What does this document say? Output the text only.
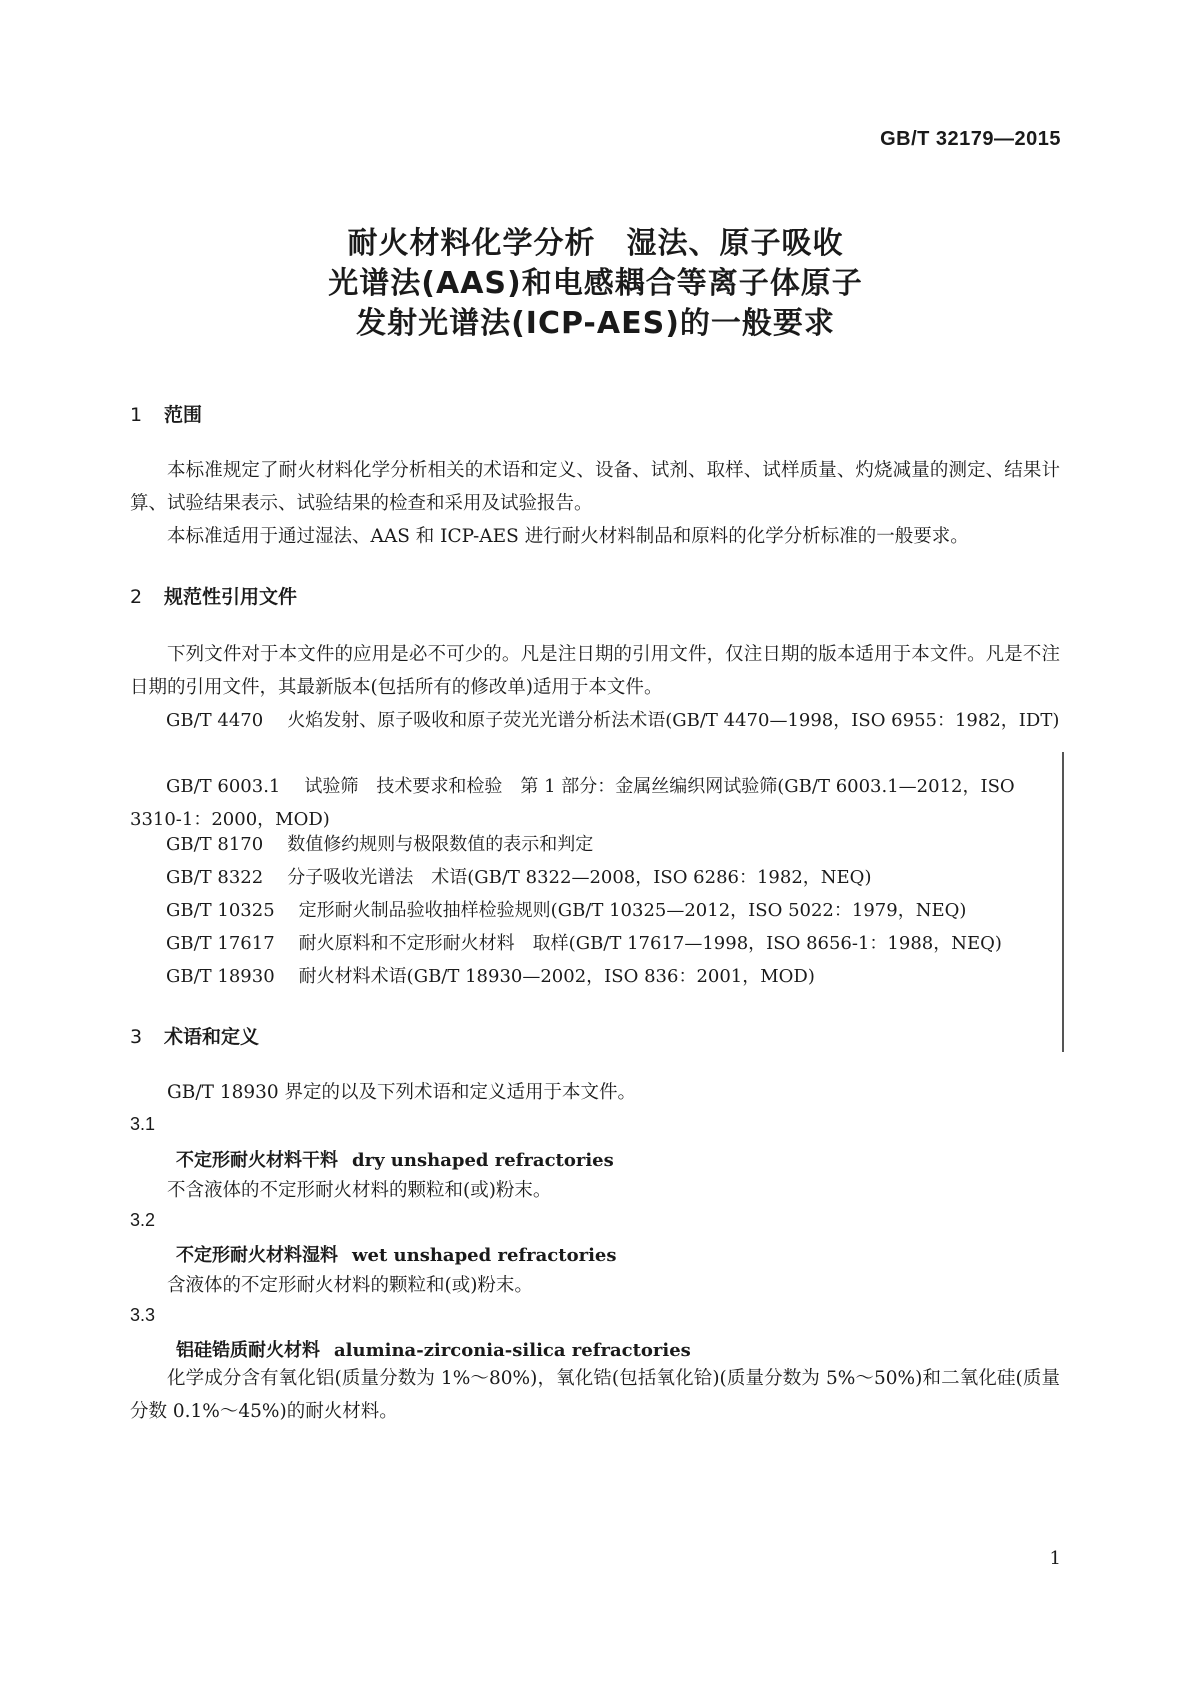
GB/T 32179—2015
耐火材料化学分析　湿法、原子吸收
光谱法(AAS)和电感耦合等离子体原子
发射光谱法(ICP-AES)的一般要求
1 范围

本标准规定了耐火材料化学分析相关的术语和定义、设备、试剂、取样、试样质量、灼烧减量的测定、结果计算、试验结果表示、试验结果的检查和采用及试验报告。

本标准适用于通过湿法、AAS 和 ICP-AES 进行耐火材料制品和原料的化学分析标准的一般要求。

2 规范性引用文件

下列文件对于本文件的应用是必不可少的。凡是注日期的引用文件，仅注日期的版本适用于本文件。凡是不注日期的引用文件，其最新版本(包括所有的修改单)适用于本文件。

GB/T 4470 火焰发射、原子吸收和原子荧光光谱分析法术语(GB/T 4470—1998，ISO 6955：1982，IDT)

GB/T 6003.1 试验筛　技术要求和检验　第 1 部分：金属丝编织网试验筛(GB/T 6003.1—2012，ISO 3310-1：2000，MOD)

GB/T 8170 数值修约规则与极限数值的表示和判定

GB/T 8322 分子吸收光谱法　术语(GB/T 8322—2008，ISO 6286：1982，NEQ)

GB/T 10325 定形耐火制品验收抽样检验规则(GB/T 10325—2012，ISO 5022：1979，NEQ)

GB/T 17617 耐火原料和不定形耐火材料　取样(GB/T 17617—1998，ISO 8656-1：1988，NEQ)

GB/T 18930 耐火材料术语(GB/T 18930—2002，ISO 836：2001，MOD)

3 术语和定义

GB/T 18930 界定的以及下列术语和定义适用于本文件。

3.1
不定形耐火材料干料 dry unshaped refractories

不含液体的不定形耐火材料的颗粒和(或)粉末。

3.2
不定形耐火材料湿料 wet unshaped refractories

含液体的不定形耐火材料的颗粒和(或)粉末。

3.3
铝硅锆质耐火材料 alumina-zirconia-silica refractories

化学成分含有氧化铝(质量分数为 1%～80%)，氧化锆(包括氧化铪)(质量分数为 5%～50%)和二氧化硅(质量分数 0.1%～45%)的耐火材料。

1
